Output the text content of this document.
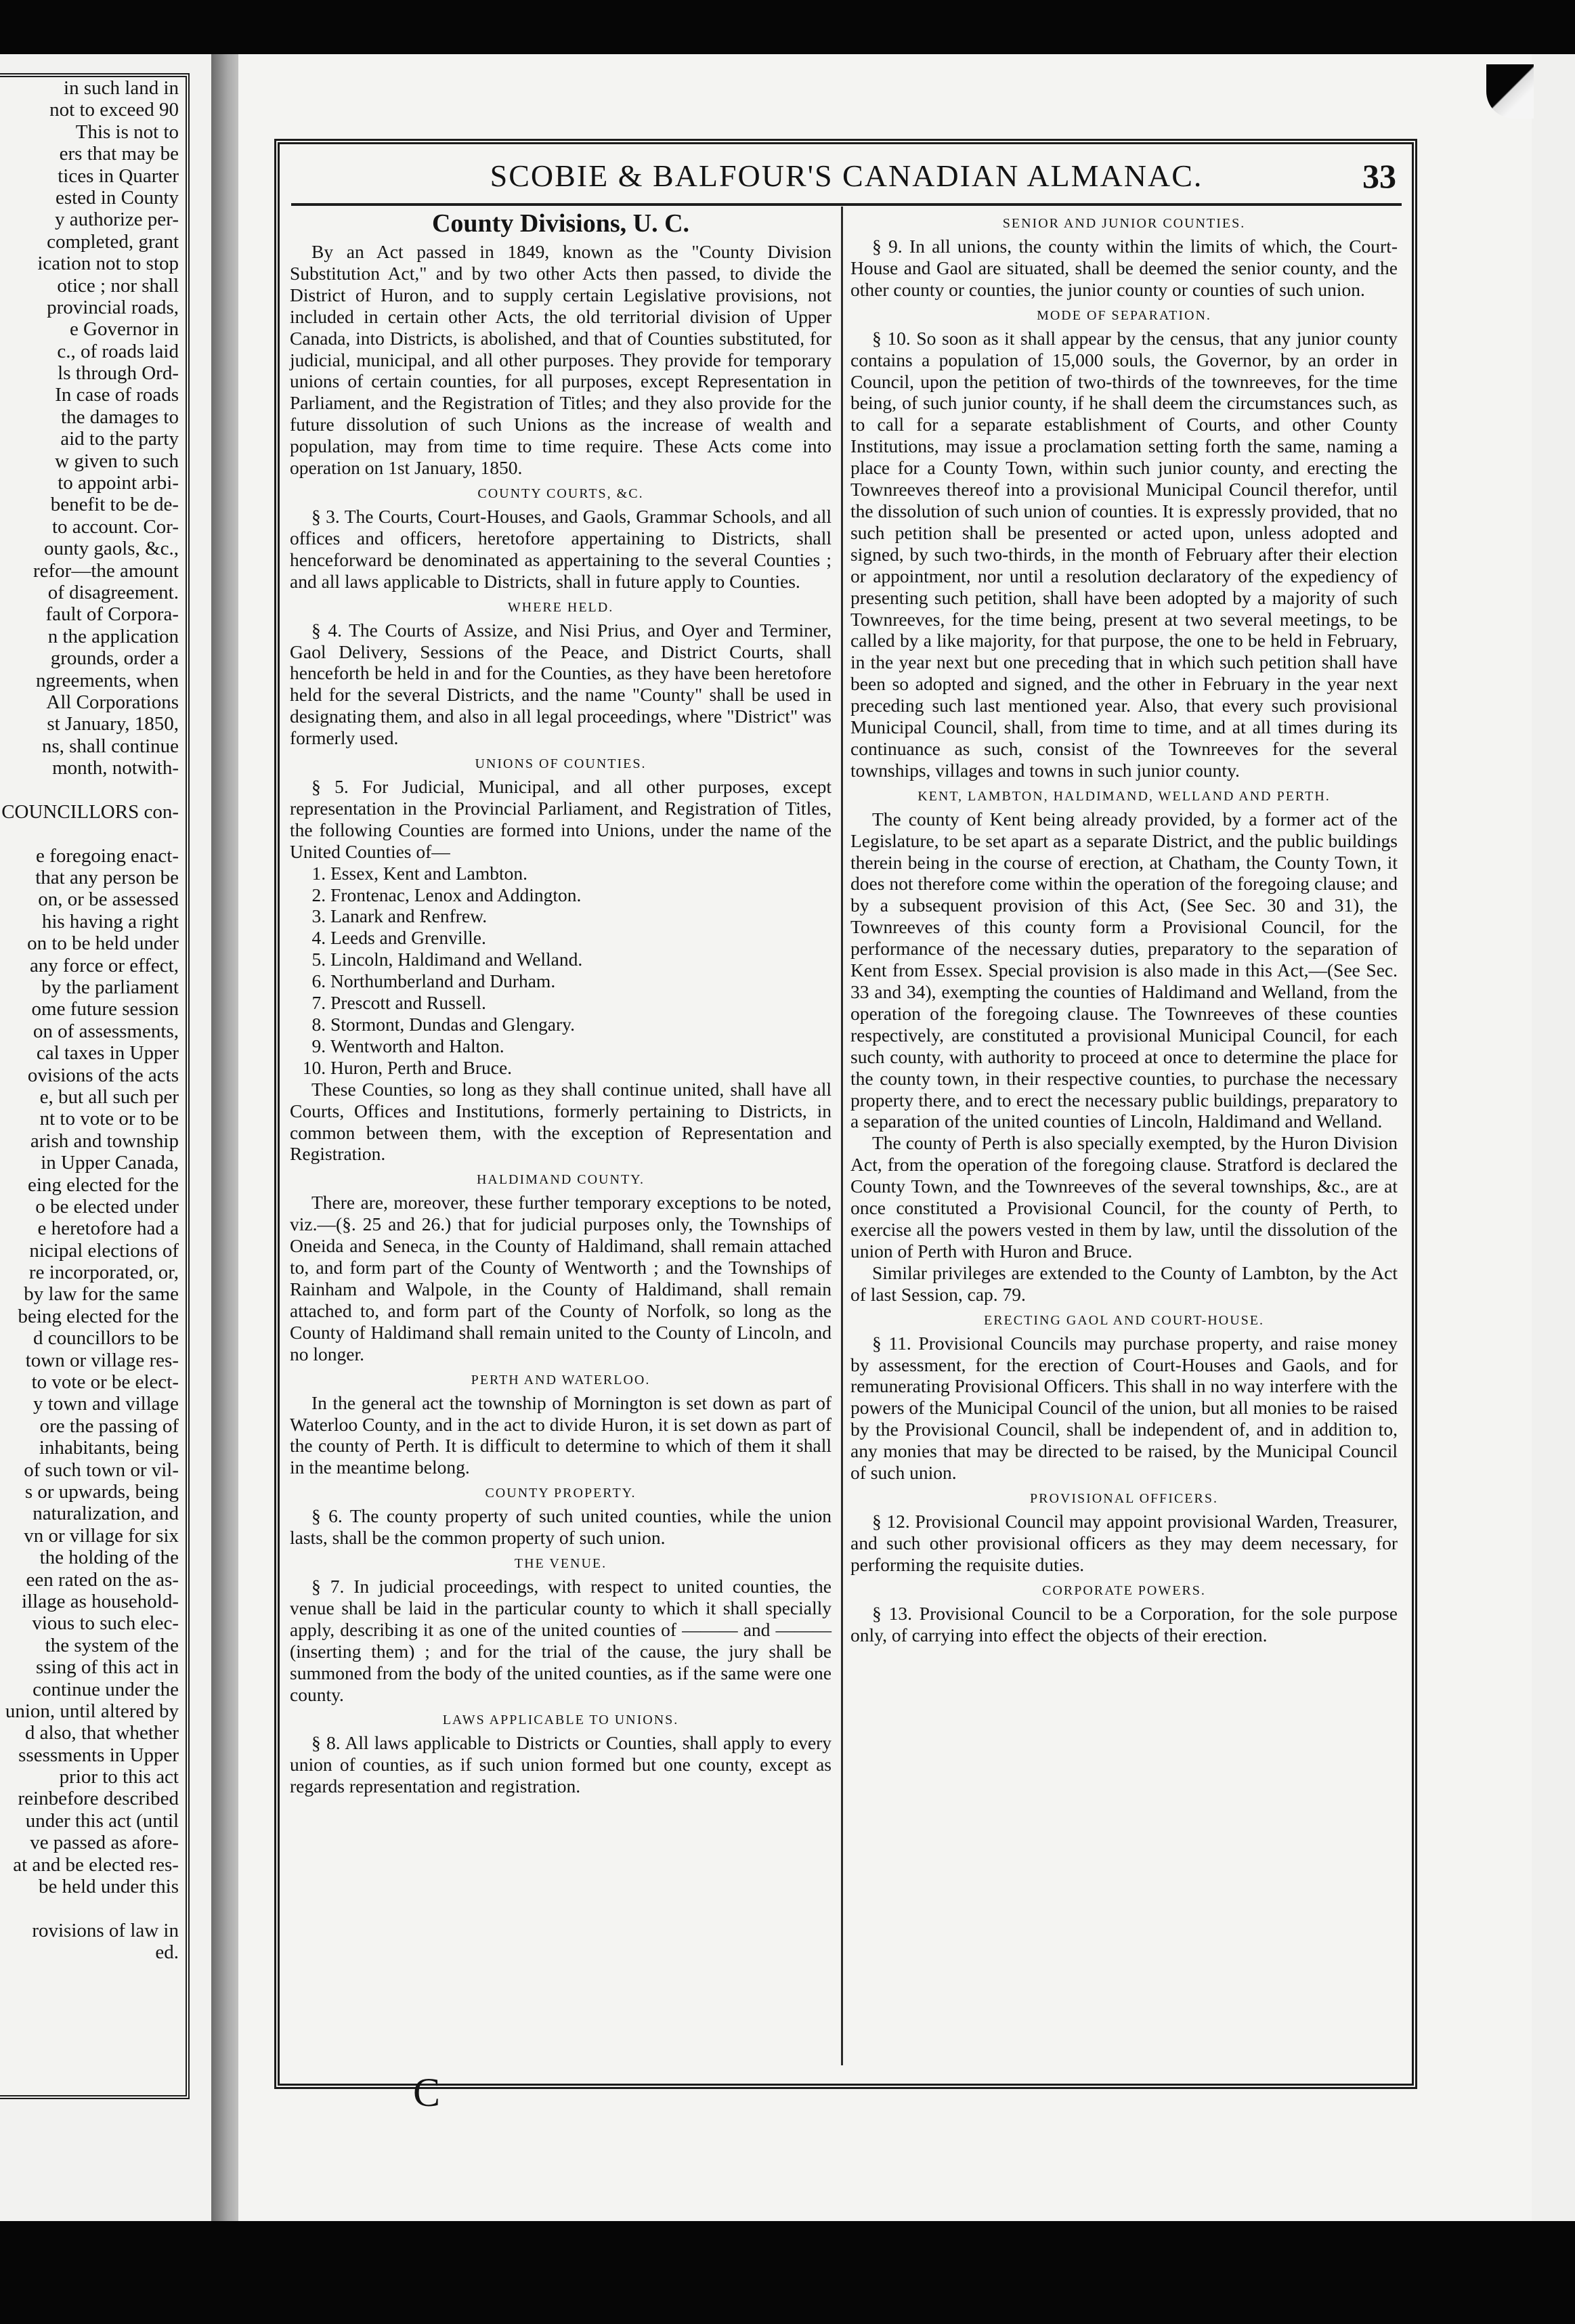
in such land in
not to exceed 90
This is not to
ers that may be
tices in Quarter
ested in County
y authorize per-
completed, grant
ication not to stop
otice ; nor shall
provincial roads,
e Governor in
c., of roads laid
ls through Ord-
In case of roads
the damages to
aid to the party
w given to such
to appoint arbi-
benefit to be de-
to account. Cor-
ounty gaols, &c.,
refor—the amount
of disagreement.
fault of Corpora-
n the application
grounds, order a
ngreements, when
All Corporations
st January, 1850,
ns, shall continue
month, notwith-
COUNCILLORS con-
e foregoing enact-
that any person be
on, or be assessed
his having a right
on to be held under
any force or effect,
by the parliament
ome future session
on of assessments,
cal taxes in Upper
ovisions of the acts
e, but all such per
nt to vote or to be
arish and township
in Upper Canada,
eing elected for the
o be elected under
e heretofore had a
nicipal elections of
re incorporated, or,
by law for the same
being elected for the
d councillors to be
town or village res-
to vote or be elect-
y town and village
ore the passing of
inhabitants, being
of such town or vil-
s or upwards, being
naturalization, and
vn or village for six
the holding of the
een rated on the as-
illage as household-
vious to such elec-
the system of the
ssing of this act in
continue under the
union, until altered by
d also, that whether
ssessments in Upper
prior to this act
reinbefore described
under this act (until
ve passed as afore-
at and be elected res-
be held under this
rovisions of law in
ed.
SCOBIE & BALFOUR'S CANADIAN ALMANAC.	33
County Divisions, U. C.

By an Act passed in 1849, known as the "County Division Substitution Act," and by two other Acts then passed, to divide the District of Huron, and to supply certain Legislative provisions, not included in certain other Acts, the old territorial division of Upper Canada, into Districts, is abolished, and that of Counties substituted, for judicial, municipal, and all other purposes. They provide for temporary unions of certain counties, for all purposes, except Representation in Parliament, and the Registration of Titles; and they also provide for the future dissolution of such Unions as the increase of wealth and population, may from time to time require. These Acts come into operation on 1st January, 1850.

COUNTY COURTS, &C.

§ 3. The Courts, Court-Houses, and Gaols, Grammar Schools, and all offices and officers, heretofore appertaining to Districts, shall henceforward be denominated as appertaining to the several Counties ; and all laws applicable to Districts, shall in future apply to Counties.

WHERE HELD.

§ 4. The Courts of Assize, and Nisi Prius, and Oyer and Terminer, Gaol Delivery, Sessions of the Peace, and District Courts, shall henceforth be held in and for the Counties, as they have been heretofore held for the several Districts, and the name "County" shall be used in designating them, and also in all legal proceedings, where "District" was formerly used.

UNIONS OF COUNTIES.

§ 5. For Judicial, Municipal, and all other purposes, except representation in the Provincial Parliament, and Registration of Titles, the following Counties are formed into Unions, under the name of the United Counties of—

1. Essex, Kent and Lambton.
2. Frontenac, Lenox and Addington.
3. Lanark and Renfrew.
4. Leeds and Grenville.
5. Lincoln, Haldimand and Welland.
6. Northumberland and Durham.
7. Prescott and Russell.
8. Stormont, Dundas and Glengary.
9. Wentworth and Halton.
10. Huron, Perth and Bruce.

These Counties, so long as they shall continue united, shall have all Courts, Offices and Institutions, formerly pertaining to Districts, in common between them, with the exception of Representation and Registration.

HALDIMAND COUNTY.

There are, moreover, these further temporary exceptions to be noted, viz.—(§. 25 and 26.) that for judicial purposes only, the Townships of Oneida and Seneca, in the County of Haldimand, shall remain attached to, and form part of the County of Wentworth ; and the Townships of Rainham and Walpole, in the County of Haldimand, shall remain attached to, and form part of the County of Norfolk, so long as the County of Haldimand shall remain united to the County of Lincoln, and no longer.

PERTH AND WATERLOO.

In the general act the township of Mornington is set down as part of Waterloo County, and in the act to divide Huron, it is set down as part of the county of Perth. It is difficult to determine to which of them it shall in the meantime belong.

COUNTY PROPERTY.

§ 6. The county property of such united counties, while the union lasts, shall be the common property of such union.

THE VENUE.

§ 7. In judicial proceedings, with respect to united counties, the venue shall be laid in the particular county to which it shall specially apply, describing it as one of the united counties of ——— and ——— (inserting them) ; and for the trial of the cause, the jury shall be summoned from the body of the united counties, as if the same were one county.

LAWS APPLICABLE TO UNIONS.

§ 8. All laws applicable to Districts or Counties, shall apply to every union of counties, as if such union formed but one county, except as regards representation and registration.

SENIOR AND JUNIOR COUNTIES.

§ 9. In all unions, the county within the limits of which, the Court-House and Gaol are situated, shall be deemed the senior county, and the other county or counties, the junior county or counties of such union.

MODE OF SEPARATION.

§ 10. So soon as it shall appear by the census, that any junior county contains a population of 15,000 souls, the Governor, by an order in Council, upon the petition of two-thirds of the townreeves, for the time being, of such junior county, if he shall deem the circumstances such, as to call for a separate establishment of Courts, and other County Institutions, may issue a proclamation setting forth the same, naming a place for a County Town, within such junior county, and erecting the Townreeves thereof into a provisional Municipal Council therefor, until the dissolution of such union of counties. It is expressly provided, that no such petition shall be presented or acted upon, unless adopted and signed, by such two-thirds, in the month of February after their election or appointment, nor until a resolution declaratory of the expediency of presenting such petition, shall have been adopted by a majority of such Townreeves, for the time being, present at two several meetings, to be called by a like majority, for that purpose, the one to be held in February, in the year next but one preceding that in which such petition shall have been so adopted and signed, and the other in February in the year next preceding such last mentioned year. Also, that every such provisional Municipal Council, shall, from time to time, and at all times during its continuance as such, consist of the Townreeves for the several townships, villages and towns in such junior county.

KENT, LAMBTON, HALDIMAND, WELLAND AND PERTH.

The county of Kent being already provided, by a former act of the Legislature, to be set apart as a separate District, and the public buildings therein being in the course of erection, at Chatham, the County Town, it does not therefore come within the operation of the foregoing clause; and by a subsequent provision of this Act, (See Sec. 30 and 31), the Townreeves of this county form a Provisional Council, for the performance of the necessary duties, preparatory to the separation of Kent from Essex. Special provision is also made in this Act,—(See Sec. 33 and 34), exempting the counties of Haldimand and Welland, from the operation of the foregoing clause. The Townreeves of these counties respectively, are constituted a provisional Municipal Council, for each such county, with authority to proceed at once to determine the place for the county town, in their respective counties, to purchase the necessary property there, and to erect the necessary public buildings, preparatory to a separation of the united counties of Lincoln, Haldimand and Welland.

The county of Perth is also specially exempted, by the Huron Division Act, from the operation of the foregoing clause. Stratford is declared the County Town, and the Townreeves of the several townships, &c., are at once constituted a Provisional Council, for the county of Perth, to exercise all the powers vested in them by law, until the dissolution of the union of Perth with Huron and Bruce.

Similar privileges are extended to the County of Lambton, by the Act of last Session, cap. 79.

ERECTING GAOL AND COURT-HOUSE.

§ 11. Provisional Councils may purchase property, and raise money by assessment, for the erection of Court-Houses and Gaols, and for remunerating Provisional Officers. This shall in no way interfere with the powers of the Municipal Council of the union, but all monies to be raised by the Provisional Council, shall be independent of, and in addition to, any monies that may be directed to be raised, by the Municipal Council of such union.

PROVISIONAL OFFICERS.

§ 12. Provisional Council may appoint provisional Warden, Treasurer, and such other provisional officers as they may deem necessary, for performing the requisite duties.

CORPORATE POWERS.

§ 13. Provisional Council to be a Corporation, for the sole purpose only, of carrying into effect the objects of their erection.

C
